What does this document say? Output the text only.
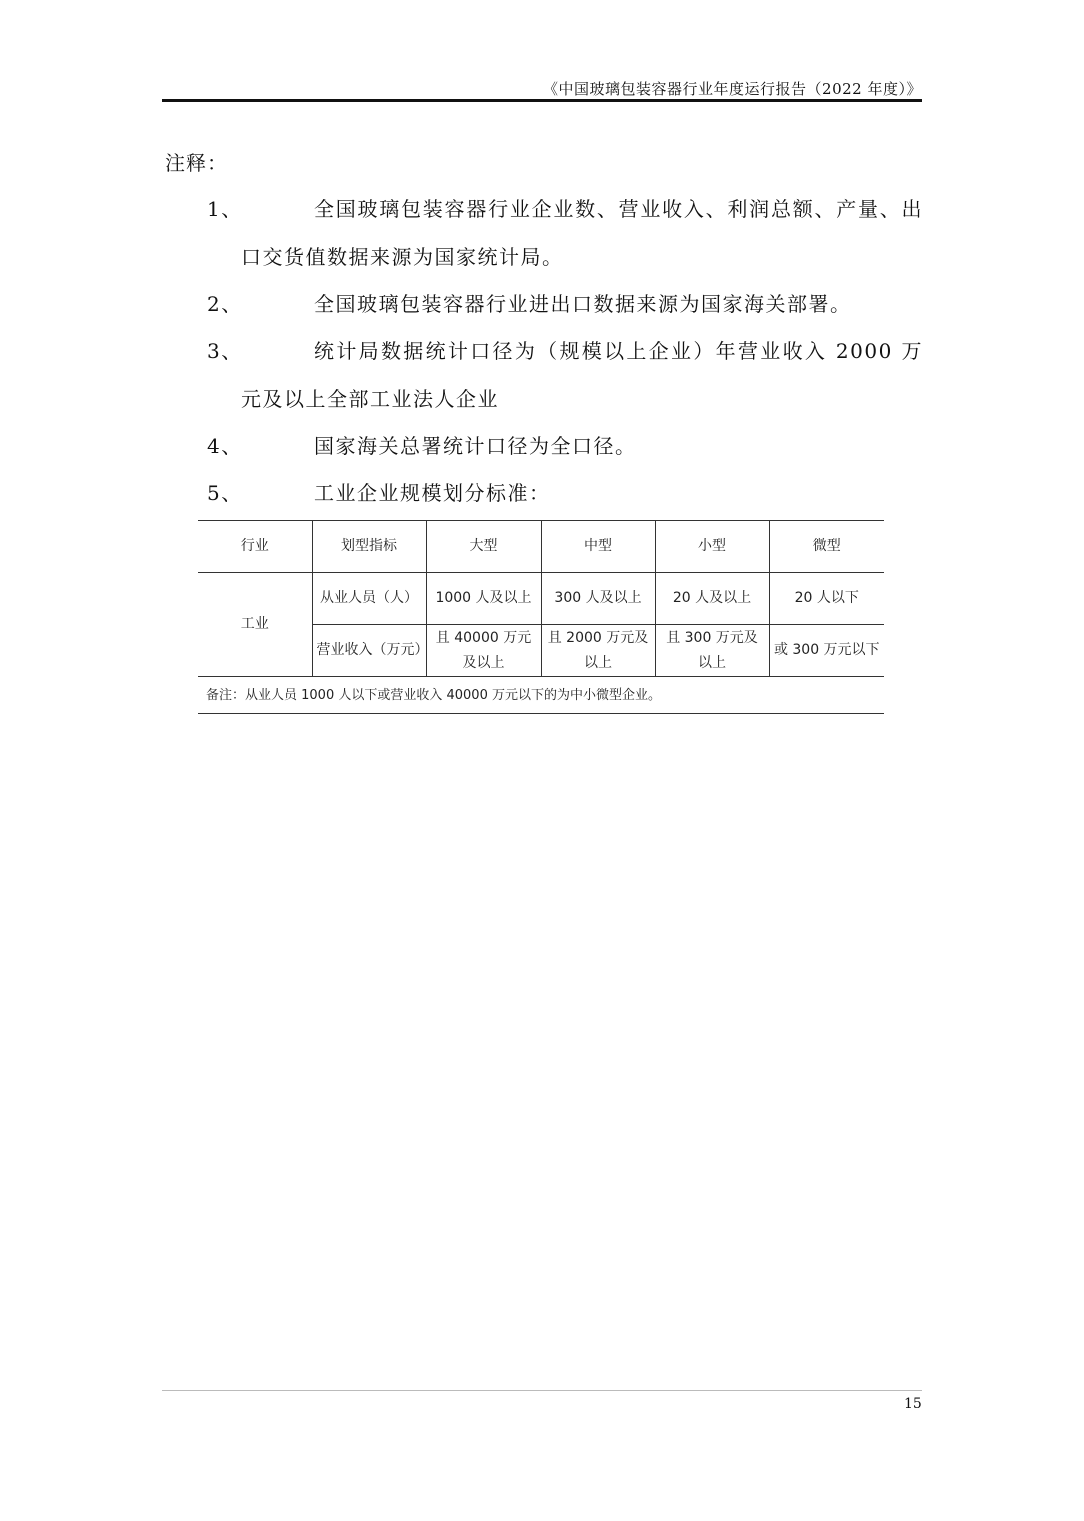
《中国玻璃包装容器行业年度运行报告（2022 年度）》
注释：
1、	全国玻璃包装容器行业企业数、营业收入、利润总额、产量、出口交货值数据来源为国家统计局。
2、	全国玻璃包装容器行业进出口数据来源为国家海关部署。
3、	统计局数据统计口径为（规模以上企业）年营业收入 2000 万元及以上全部工业法人企业
4、	国家海关总署统计口径为全口径。
5、	工业企业规模划分标准：
行业	划型指标	大型	中型	小型	微型
工业	从业人员（人）	1000 人及以上	300 人及以上	20 人及以上	20 人以下
	营业收入（万元）	且 40000 万元及以上	且 2000 万元及以上	且 300 万元及以上	或 300 万元以下
备注：从业人员 1000 人以下或营业收入 40000 万元以下的为中小微型企业。					
15
